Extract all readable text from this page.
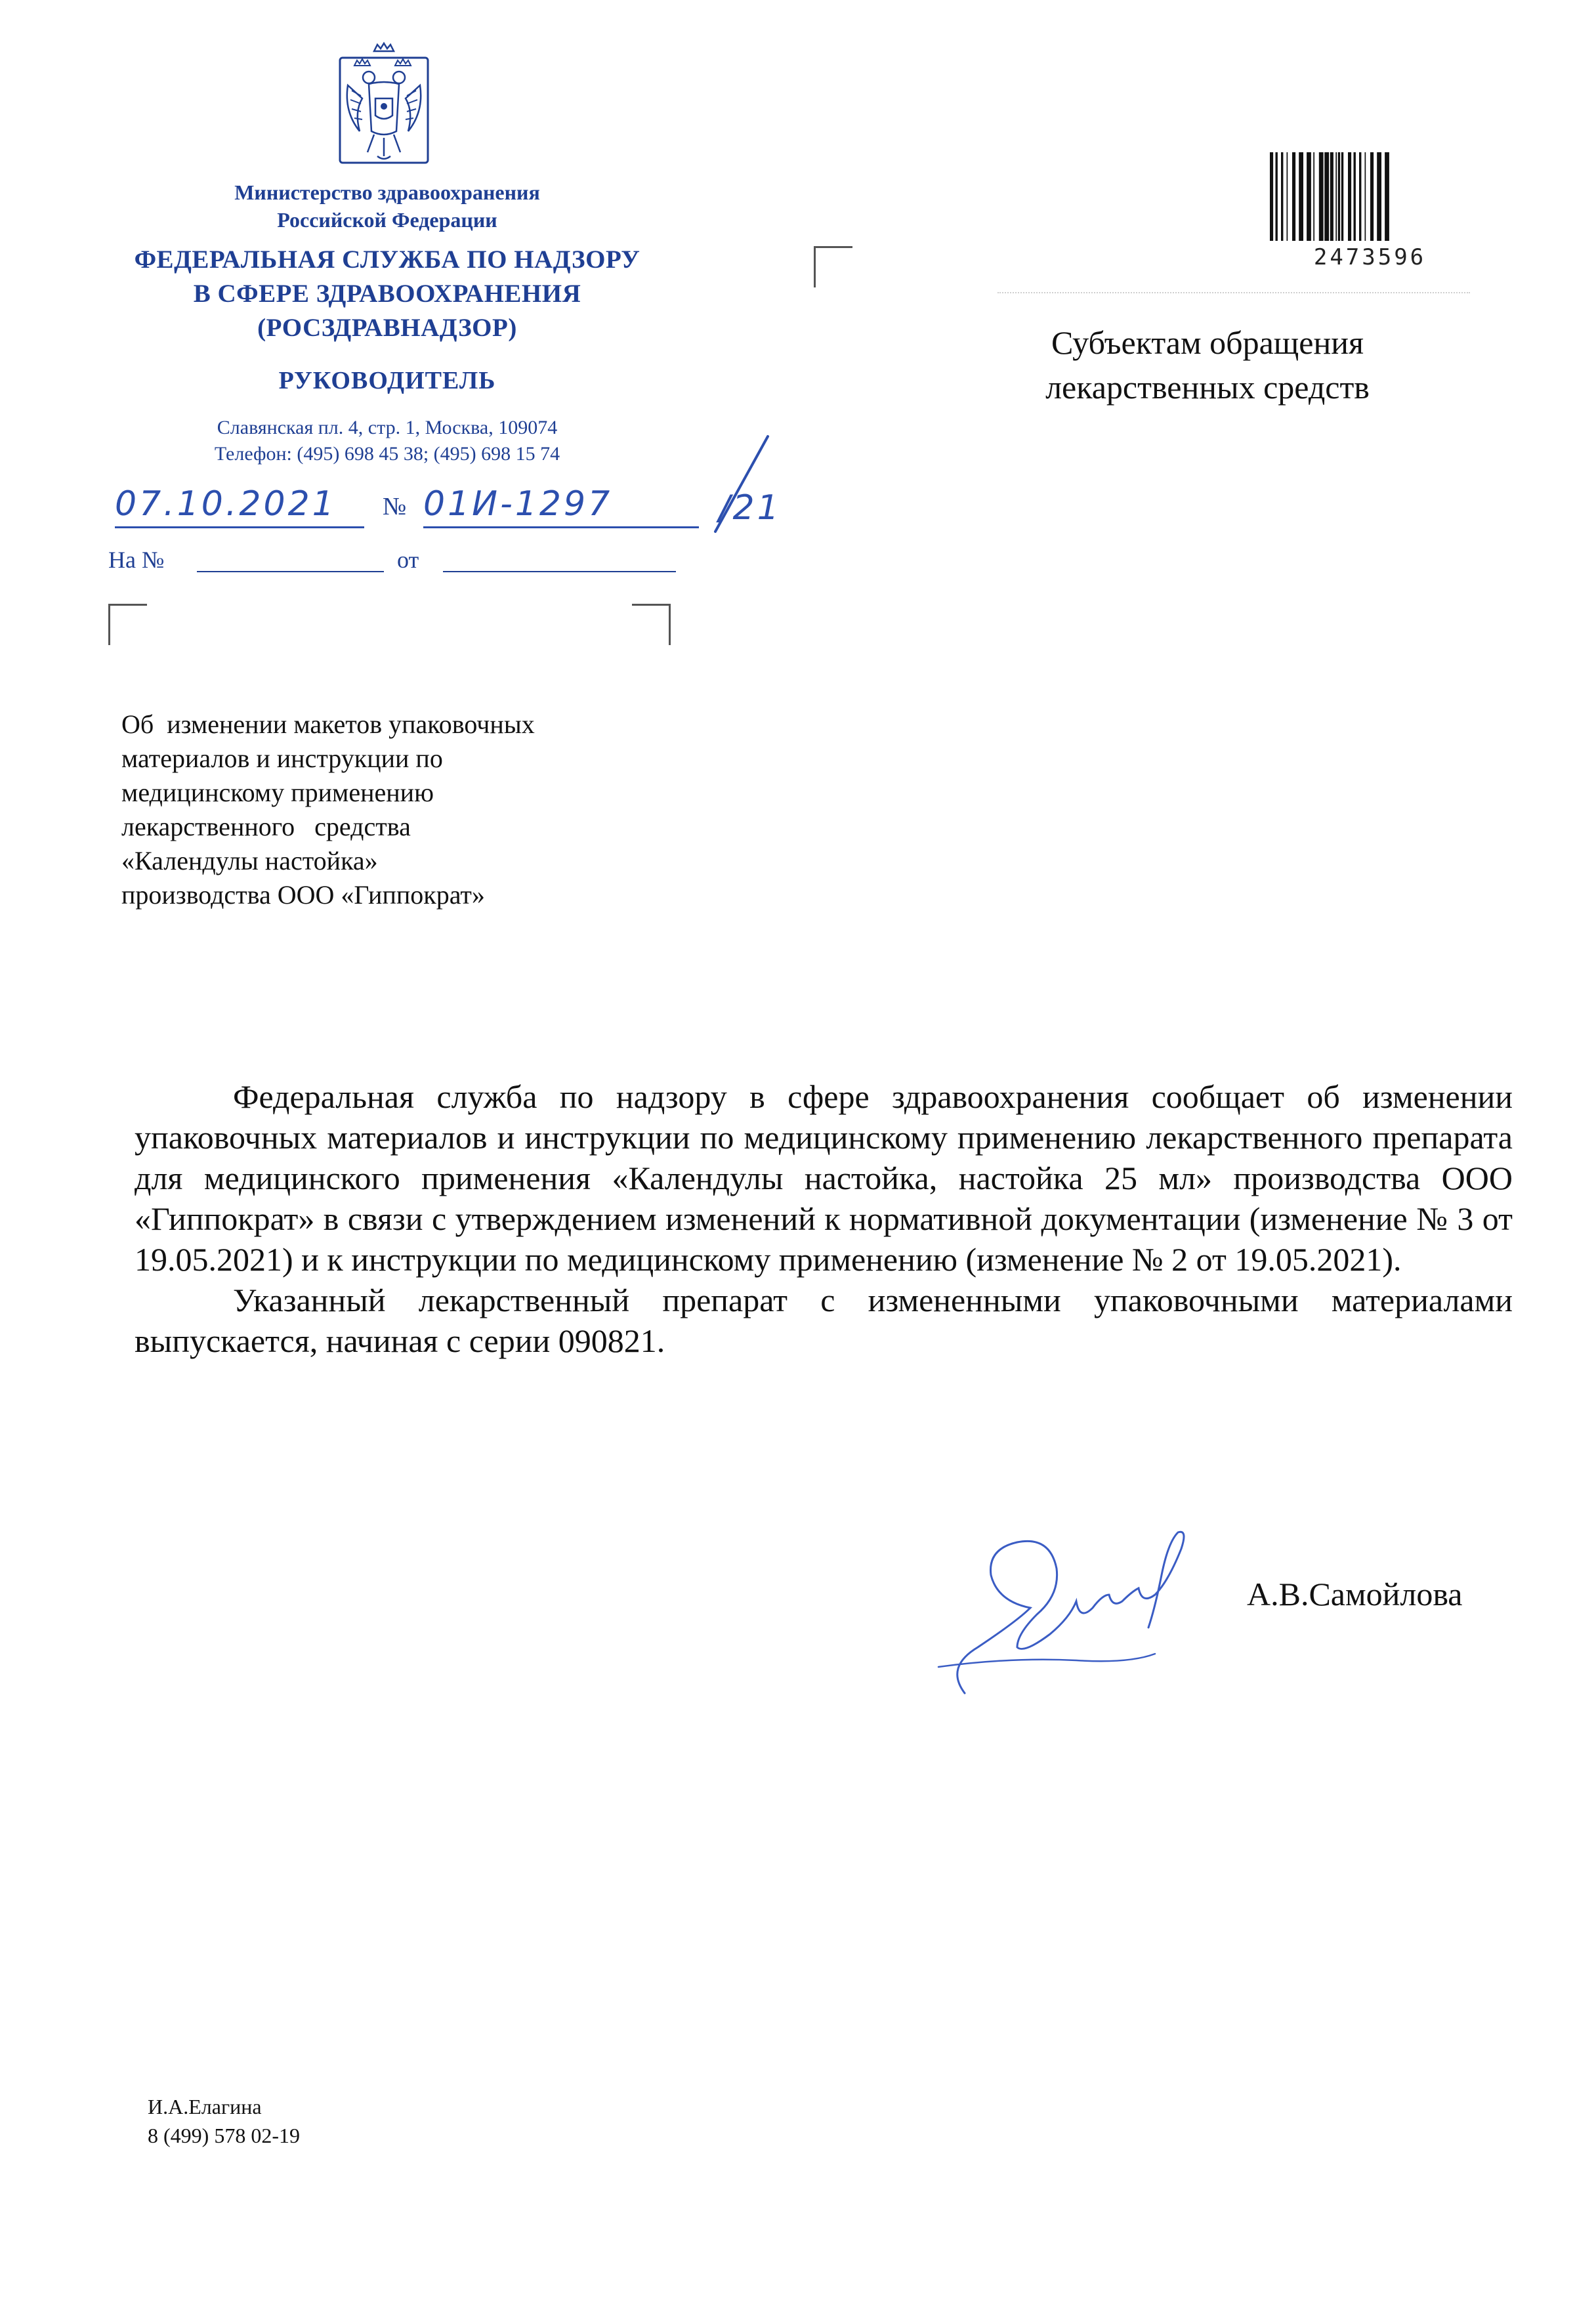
Министерство здравоохранения
Российской Федерации
ФЕДЕРАЛЬНАЯ СЛУЖБА ПО НАДЗОРУ
В СФЕРЕ ЗДРАВООХРАНЕНИЯ
(РОСЗДРАВНАДЗОР)
РУКОВОДИТЕЛЬ
Славянская пл. 4, стр. 1, Москва, 109074
Телефон: (495) 698 45 38; (495) 698 15 74
07.10.2021	№ 01И-1297	/21
На №	от
2473596
Субъектам обращения
лекарственных средств
Об  изменении макетов упаковочных
материалов и инструкции по
медицинскому применению
лекарственного   средства
«Календулы настойка»
производства ООО «Гиппократ»

Федеральная служба по надзору в сфере здравоохранения сообщает об изменении упаковочных материалов и инструкции по медицинскому применению лекарственного препарата для медицинского применения «Календулы настойка, настойка 25 мл» производства ООО «Гиппократ» в связи с утверждением изменений к нормативной документации (изменение № 3 от 19.05.2021) и к инструкции по медицинскому применению (изменение № 2 от 19.05.2021).

Указанный лекарственный препарат с измененными упаковочными материалами выпускается, начиная с серии 090821.

А.В.Самойлова
И.А.Елагина
8 (499) 578 02-19
